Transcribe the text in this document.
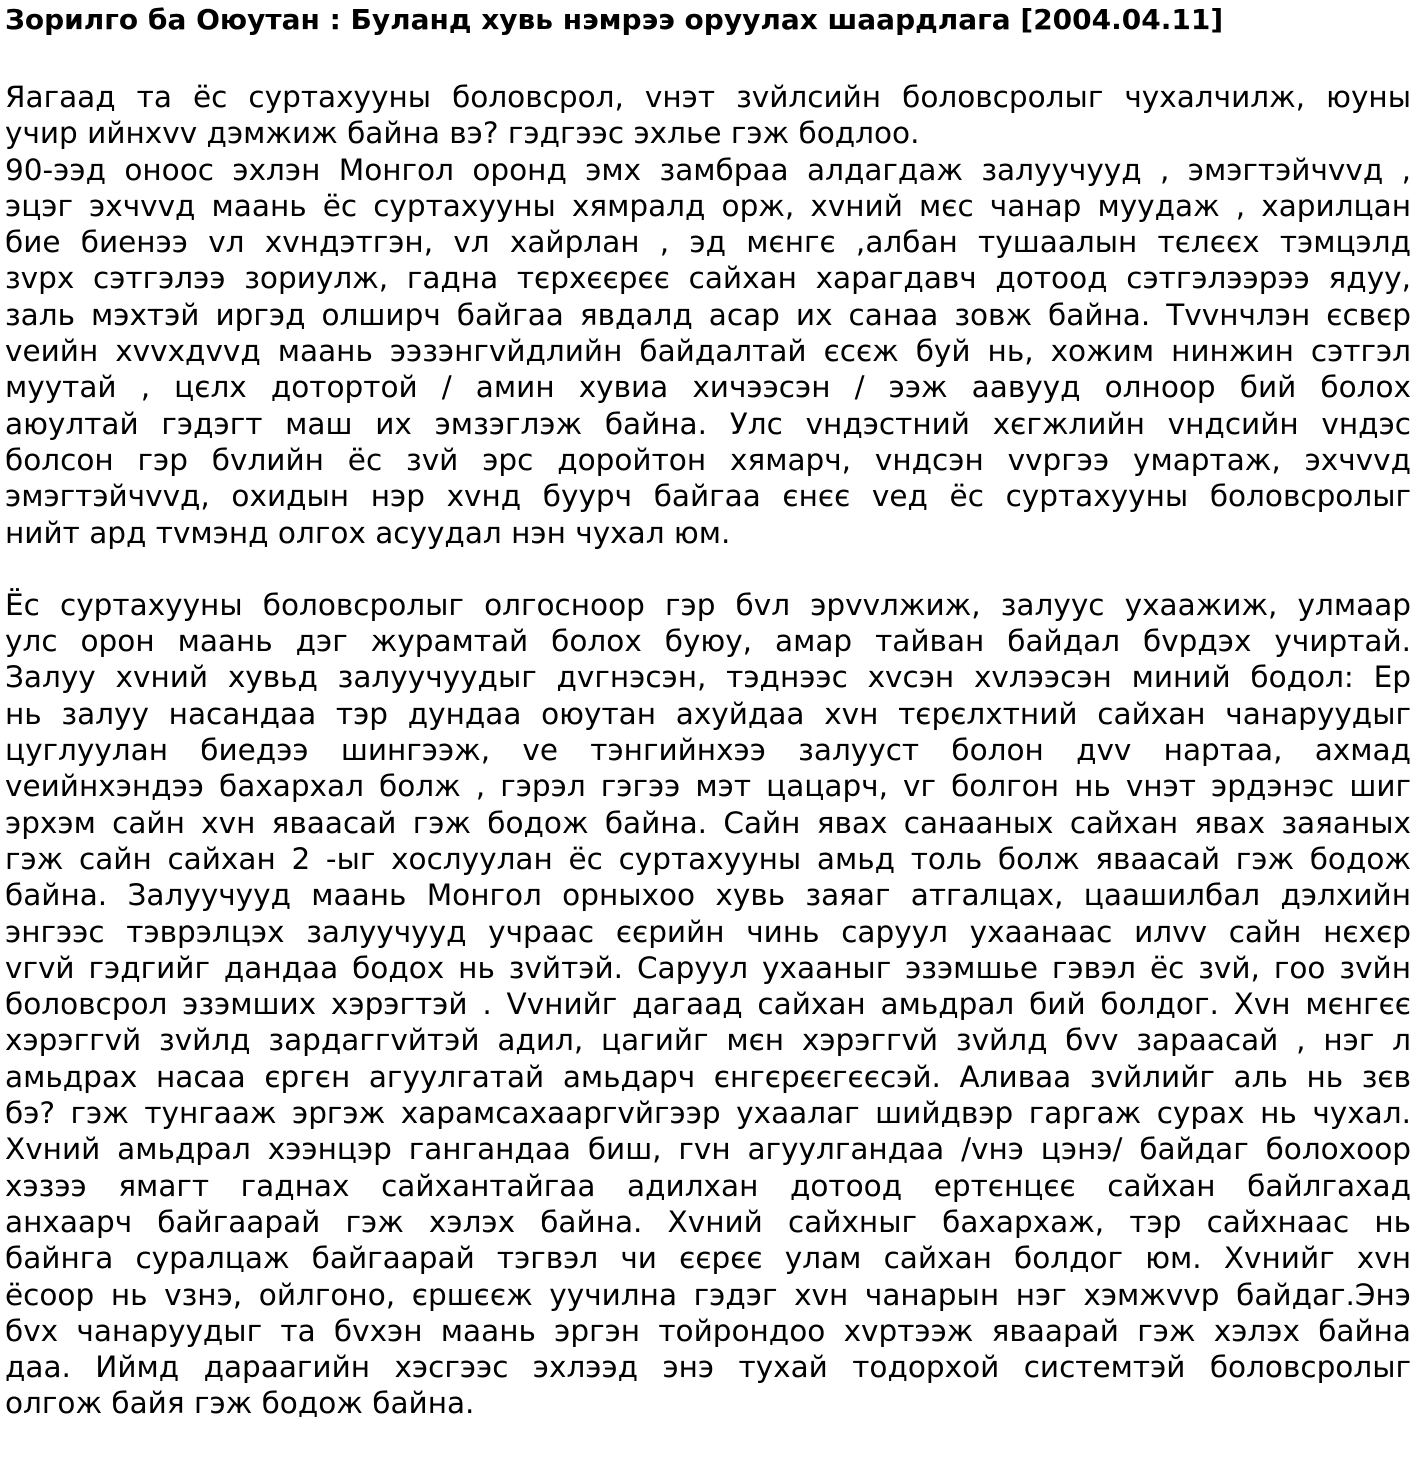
Зорилго ба Оюутан : Буланд хувь нэмрээ оруулах шаардлага [2004.04.11]
Яагаад та ёс суртахууны боловсрол, vнэт зvйлсийн боловсролыг чухалчилж, юуны
учир ийнхvv дэмжиж байна вэ? гэдгээс эхлье гэж бодлоо.
90-ээд оноос эхлэн Монгол оронд эмх замбраа алдагдаж залуучууд , эмэгтэйчvvд ,
эцэг эхчvvд маань ёс суртахууны хямралд орж, хvний мєс чанар муудаж , харилцан
бие биенээ vл хvндэтгэн, vл хайрлан , эд мєнгє ,албан тушаалын тєлєєх тэмцэлд
зvрх сэтгэлээ зориулж, гадна тєрхєєрєє сайхан харагдавч дотоод сэтгэлээрээ ядуу,
заль мэхтэй иргэд олширч байгаа явдалд асар их санаа зовж байна. Тvvнчлэн єсвєр
veийн хvvхдvvд маань ээзэнгvйдлийн байдалтай єсєж буй нь, хожим нинжин сэтгэл
муутай , цєлх дотортой / амин хувиа хичээсэн / ээж аавууд олноор бий болох
аюултай гэдэгт маш их эмзэглэж байна. Улс vндэстний хєгжлийн vндсийн vндэс
болсон гэр бvлийн ёс зvй эрс доройтон хямарч, vндсэн vvргээ умартаж, эхчvvд
эмэгтэйчvvд, охидын нэр хvнд буурч байгаа єнєє vед ёс суртахууны боловсролыг
нийт ард тvмэнд олгох асуудал нэн чухал юм.
Ёс суртахууны боловсролыг олгосноор гэр бvл эрvvлжиж, залуус ухаажиж, улмаар
улс орон маань дэг журамтай болох буюу, амар тайван байдал бvрдэх учиртай.
Залуу хvний хувьд залуучуудыг дvгнэсэн, тэднээс хvсэн хvлээсэн миний бодол: Ер
нь залуу насандаа тэр дундаа оюутан ахуйдаа хvн тєрєлхтний сайхан чанаруудыг
цуглуулан биедээ шингээж, vе тэнгийнхээ залууст болон дvv нартаа, ахмад
veийнхэндээ бахархал болж , гэрэл гэгээ мэт цацарч, vг болгон нь vнэт эрдэнэс шиг
эрхэм сайн хvн яваасай гэж бодож байна. Сайн явах санааных сайхан явах заяаных
гэж сайн сайхан 2 -ыг хослуулан ёс суртахууны амьд толь болж яваасай гэж бодож
байна. Залуучууд маань Монгол орныхоо хувь заяаг атгалцах, цаашилбал дэлхийн
энгээс тэврэлцэх залуучууд учраас єєрийн чинь саруул ухаанаас илvv сайн нєхєр
vгvй гэдгийг дандаа бодох нь зvйтэй. Саруул ухааныг эзэмшье гэвэл ёс зvй, гоо зvйн
боловсрол эзэмших хэрэгтэй . Vvнийг дагаад сайхан амьдрал бий болдог. Хvн мєнгєє
хэрэггvй зvйлд зардаггvйтэй адил, цагийг мєн хэрэггvй зvйлд бvv зараасай , нэг л
амьдрах насаа єргєн агуулгатай амьдарч єнгєрєєгєєсэй. Аливаа зvйлийг аль нь зєв
бэ? гэж тунгааж эргэж харамсахааргvйгээр ухаалаг шийдвэр гаргаж сурах нь чухал.
Хvний амьдрал хээнцэр гангандаа биш, гvн агуулгандаа /vнэ цэнэ/ байдаг болохоор
хэзээ ямагт гаднах сайхантайгаа адилхан дотоод ертєнцєє сайхан байлгахад
анхаарч байгаарай гэж хэлэх байна. Хvний сайхныг бахархаж, тэр сайхнаас нь
байнга суралцаж байгаарай тэгвэл чи єєрєє улам сайхан болдог юм. Хvнийг хvн
ёсоор нь vзнэ, ойлгоно, єршєєж уучилна гэдэг хvн чанарын нэг хэмжvvр байдаг.Энэ
бvх чанаруудыг та бvхэн маань эргэн тойрондоо хvртээж яваарай гэж хэлэх байна
даа. Иймд дараагийн хэсгээс эхлээд энэ тухай тодорхой системтэй боловсролыг
олгож байя гэж бодож байна.
